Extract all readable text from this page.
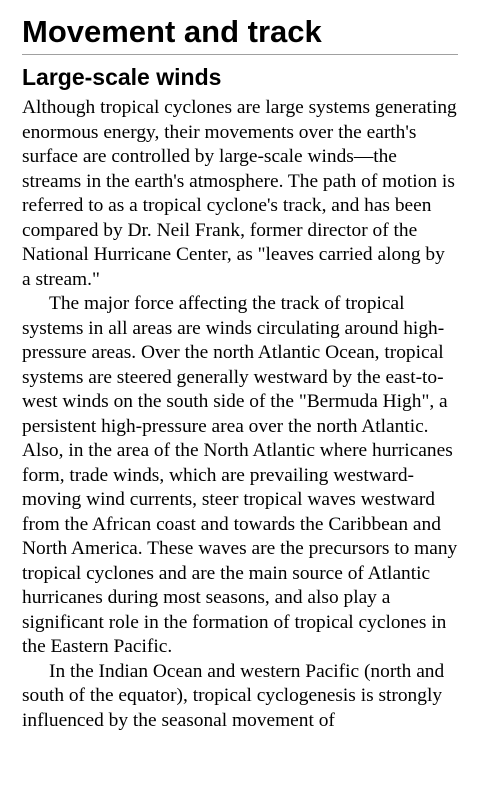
Movement and track
Large-scale winds

Although tropical cyclones are large systems generating enormous energy, their movements over the earth's surface are controlled by large-scale winds—the streams in the earth's atmosphere. The path of motion is referred to as a tropical cyclone's track, and has been compared by Dr. Neil Frank, former director of the National Hurricane Center, as "leaves carried along by a stream."

The major force affecting the track of tropical systems in all areas are winds circulating around high-pressure areas. Over the north Atlantic Ocean, tropical systems are steered generally westward by the east-to-west winds on the south side of the "Bermuda High", a persistent high-pressure area over the north Atlantic. Also, in the area of the North Atlantic where hurricanes form, trade winds, which are prevailing westward-moving wind currents, steer tropical waves westward from the African coast and towards the Caribbean and North America. These waves are the precursors to many tropical cyclones and are the main source of Atlantic hurricanes during most seasons, and also play a significant role in the formation of tropical cyclones in the Eastern Pacific.

In the Indian Ocean and western Pacific (north and south of the equator), tropical cyclogenesis is strongly influenced by the seasonal movement of
